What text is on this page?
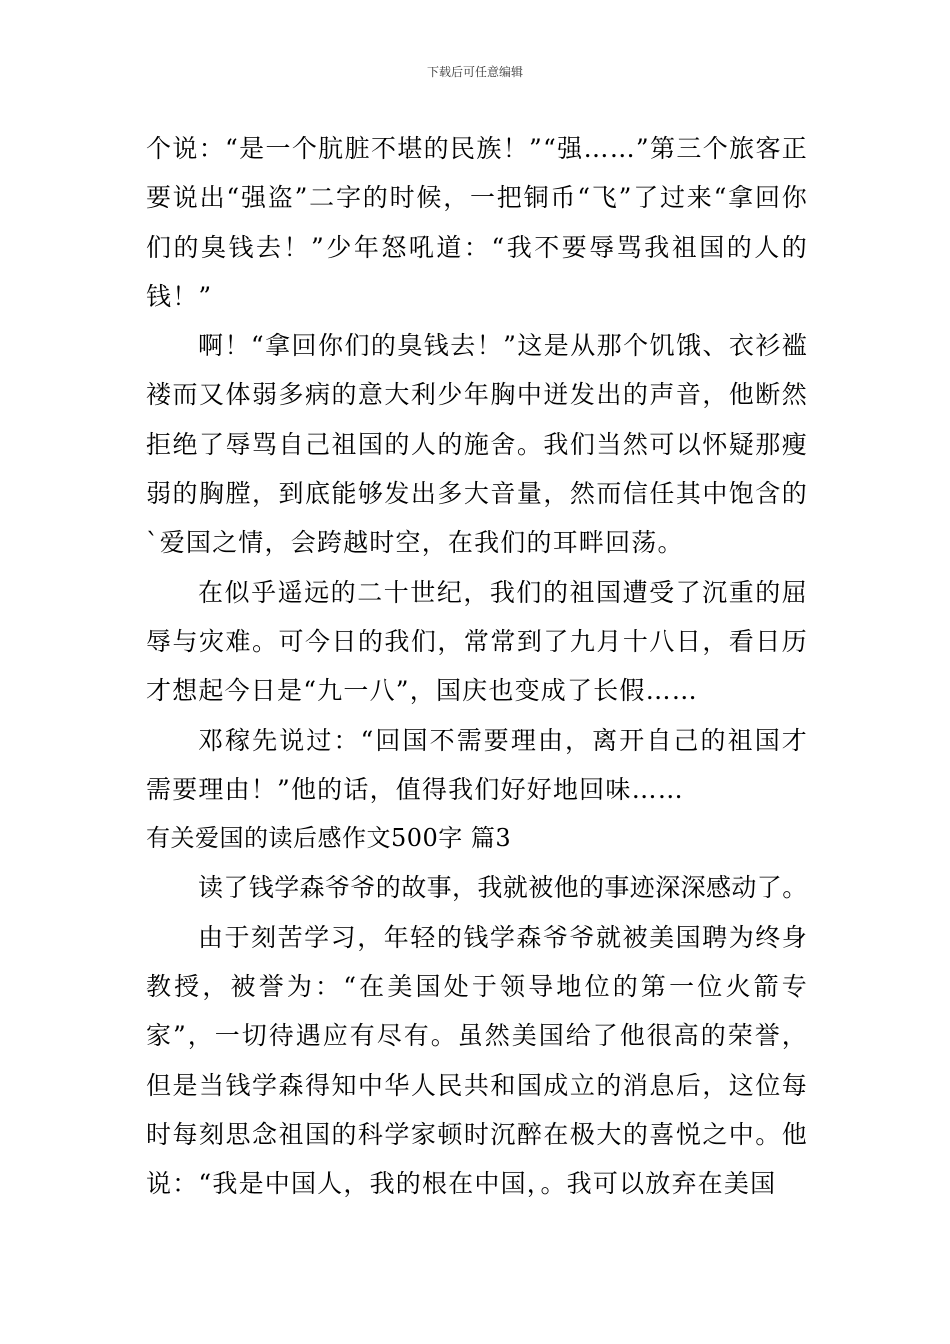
下载后可任意编辑

个说：“是一个肮脏不堪的民族！”“强……”第三个旅客正要说出“强盗”二字的时候，一把铜币“飞”了过来“拿回你们的臭钱去！”少年怒吼道：“我不要辱骂我祖国的人的钱！”

啊！“拿回你们的臭钱去！”这是从那个饥饿、衣衫褴褛而又体弱多病的意大利少年胸中迸发出的声音，他断然拒绝了辱骂自己祖国的人的施舍。我们当然可以怀疑那瘦弱的胸膛，到底能够发出多大音量，然而信任其中饱含的`爱国之情，会跨越时空，在我们的耳畔回荡。

在似乎遥远的二十世纪，我们的祖国遭受了沉重的屈辱与灾难。可今日的我们，常常到了九月十八日，看日历才想起今日是“九一八”，国庆也变成了长假……

邓稼先说过：“回国不需要理由，离开自己的祖国才需要理由！”他的话，值得我们好好地回味……

有关爱国的读后感作文500字 篇3

读了钱学森爷爷的故事，我就被他的事迹深深感动了。

由于刻苦学习，年轻的钱学森爷爷就被美国聘为终身教授，被誉为：“在美国处于领导地位的第一位火箭专家”，一切待遇应有尽有。虽然美国给了他很高的荣誉，但是当钱学森得知中华人民共和国成立的消息后，这位每时每刻思念祖国的科学家顿时沉醉在极大的喜悦之中。他说：“我是中国人，我的根在中国，。我可以放弃在美国
